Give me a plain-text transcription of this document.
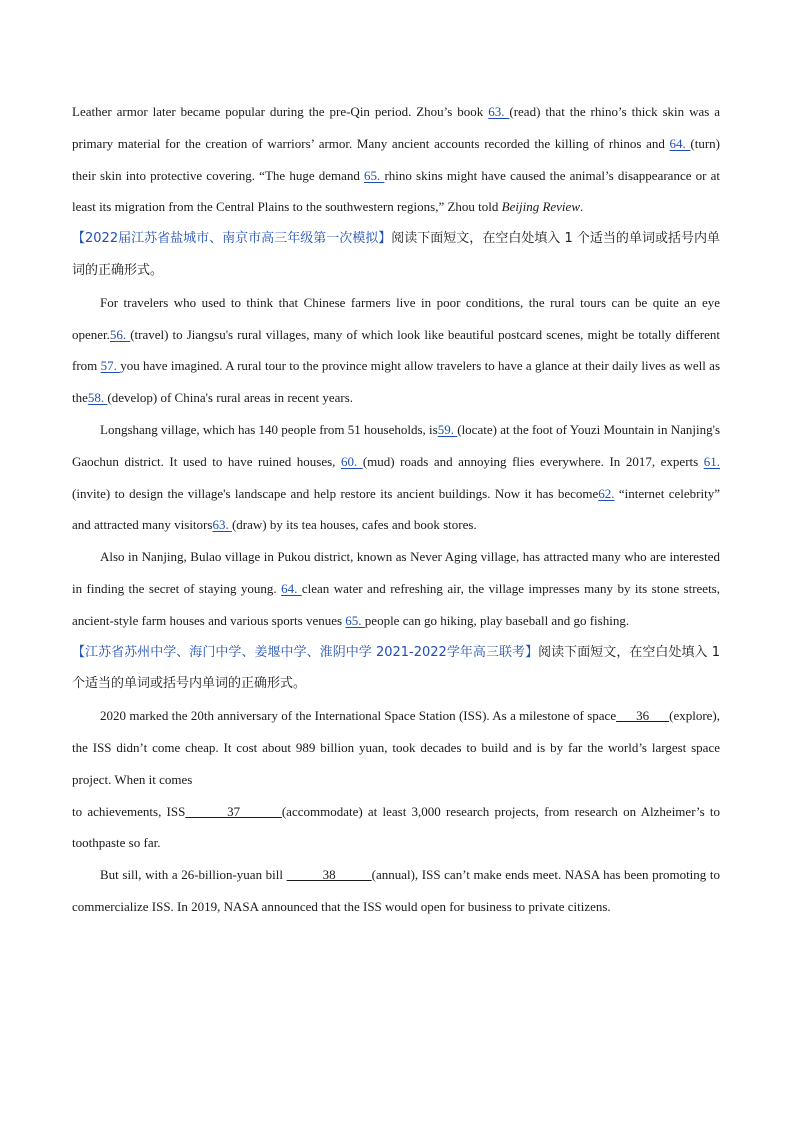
Leather armor later became popular during the pre-Qin period. Zhou’s book 63. (read) that the rhino’s thick skin was a primary material for the creation of warriors’ armor. Many ancient accounts recorded the killing of rhinos and 64. (turn) their skin into protective covering. “The huge demand 65. rhino skins might have caused the animal’s disappearance or at least its migration from the Central Plains to the southwestern regions,” Zhou told Beijing Review.

【2022届江苏省盐城市、南京市高三年级第一次模拟】阅读下面短文，在空白处填入 1 个适当的单词或括号内单词的正确形式。

For travelers who used to think that Chinese farmers live in poor conditions, the rural tours can be quite an eye opener.56. (travel) to Jiangsu's rural villages, many of which look like beautiful postcard scenes, might be totally different from 57. you have imagined. A rural tour to the province might allow travelers to have a glance at their daily lives as well as the58. (develop) of China's rural areas in recent years.

Longshang village, which has 140 people from 51 households, is59. (locate) at the foot of Youzi Mountain in Nanjing's Gaochun district. It used to have ruined houses, 60. (mud) roads and annoying flies everywhere. In 2017, experts 61. (invite) to design the village's landscape and help restore its ancient buildings. Now it has become62. “internet celebrity” and attracted many visitors63. (draw) by its tea houses, cafes and book stores.

Also in Nanjing, Bulao village in Pukou district, known as Never Aging village, has attracted many who are interested in finding the secret of staying young. 64. clean water and refreshing air, the village impresses many by its stone streets, ancient-style farm houses and various sports venues 65. people can go hiking, play baseball and go fishing.

【江苏省苏州中学、海门中学、姜堰中学、淮阴中学 2021-2022学年高三联考】阅读下面短文，在空白处填入 1 个适当的单词或括号内单词的正确形式。

2020 marked the 20th anniversary of the International Space Station (ISS). As a milestone of space      36      (explore), the ISS didn’t come cheap. It cost about 989 billion yuan, took decades to build and is by far the world’s largest space project. When it comes

to achievements, ISS        37        (accommodate) at least 3,000 research projects, from research on Alzheimer’s to toothpaste so far.

But sill, with a 26-billion-yuan bill           38          (annual), ISS can’t make ends meet. NASA has been promoting to commercialize ISS. In 2019, NASA announced that the ISS would open for business to private citizens.
